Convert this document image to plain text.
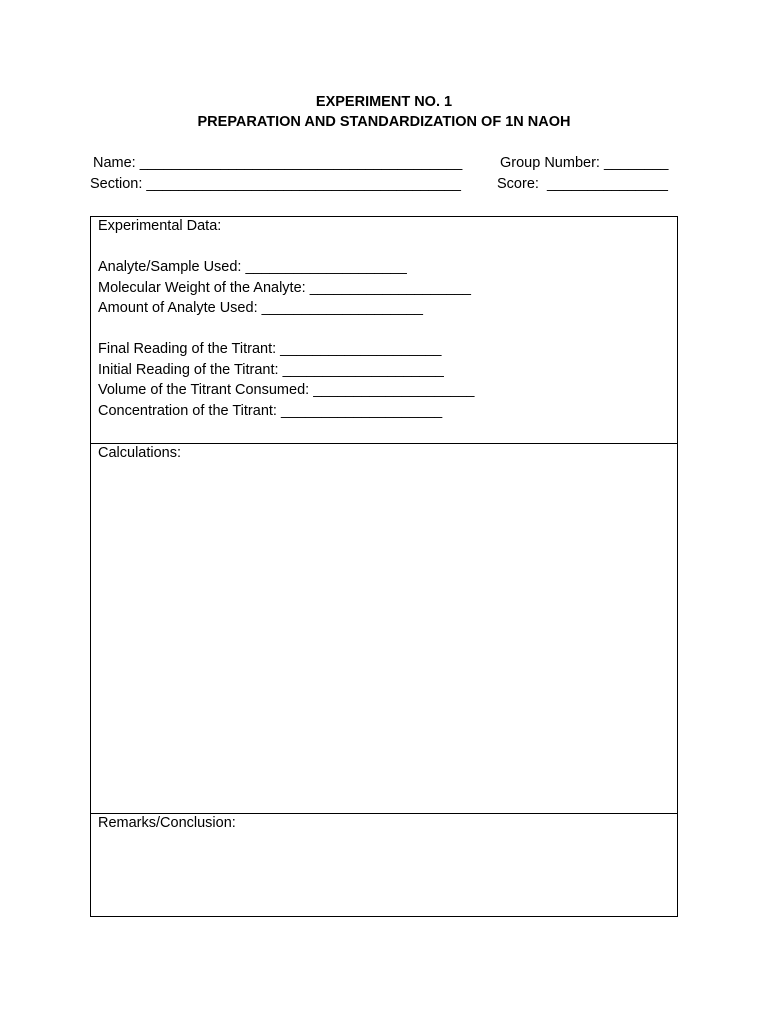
EXPERIMENT NO. 1
PREPARATION AND STANDARDIZATION OF 1N NAOH
Name: ________________________________________	Group Number: ________
Section: _______________________________________ Score:  _______________
Experimental Data:
Analyte/Sample Used: ____________________
Molecular Weight of the Analyte: ____________________
Amount of Analyte Used: ____________________
Final Reading of the Titrant: ____________________
Initial Reading of the Titrant: ____________________
Volume of the Titrant Consumed: ____________________
Concentration of the Titrant: ____________________
Calculations:
Remarks/Conclusion:
